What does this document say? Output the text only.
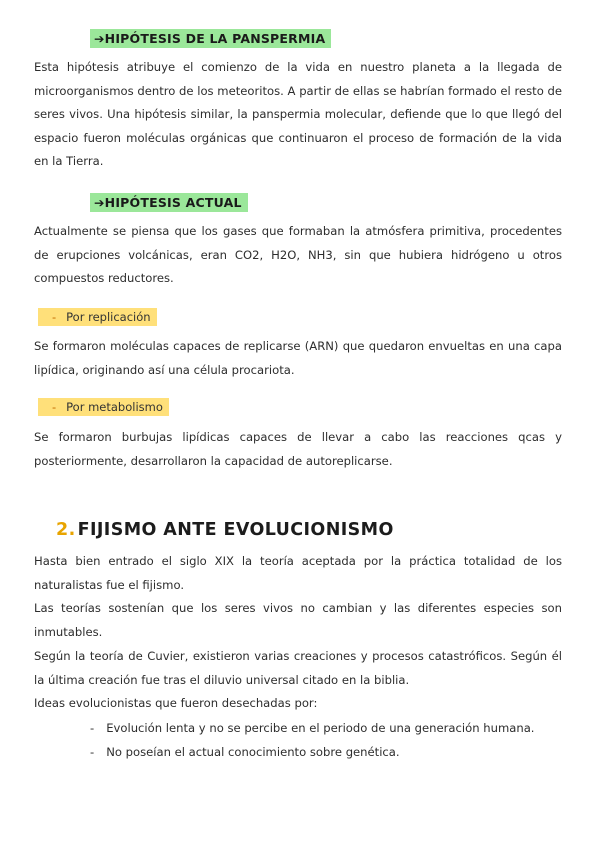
➔HIPÓTESIS DE LA PANSPERMIA
Esta hipótesis atribuye el comienzo de la vida en nuestro planeta a la llegada de microorganismos dentro de los meteoritos. A partir de ellas se habrían formado el resto de seres vivos. Una hipótesis similar, la panspermia molecular, defiende que lo que llegó del espacio fueron moléculas orgánicas que continuaron el proceso de formación de la vida en la Tierra.
➔HIPÓTESIS ACTUAL
Actualmente se piensa que los gases que formaban la atmósfera primitiva, procedentes de erupciones volcánicas, eran CO2, H2O, NH3, sin que hubiera hidrógeno u otros compuestos reductores.
- Por replicación
Se formaron moléculas capaces de replicarse (ARN) que quedaron envueltas en una capa lipídica, originando así una célula procariota.
- Por metabolismo
Se formaron burbujas lipídicas capaces de llevar a cabo las reacciones qcas y posteriormente, desarrollaron la capacidad de autoreplicarse.
2. FIJISMO ANTE EVOLUCIONISMO
Hasta bien entrado el siglo XIX la teoría aceptada por la práctica totalidad de los naturalistas fue el fijismo.
Las teorías sostenían que los seres vivos no cambian y las diferentes especies son inmutables.
Según la teoría de Cuvier, existieron varias creaciones y procesos catastróficos. Según él la última creación fue tras el diluvio universal citado en la biblia.
Ideas evolucionistas que fueron desechadas por:
- Evolución lenta y no se percibe en el periodo de una generación humana.
- No poseían el actual conocimiento sobre genética.
